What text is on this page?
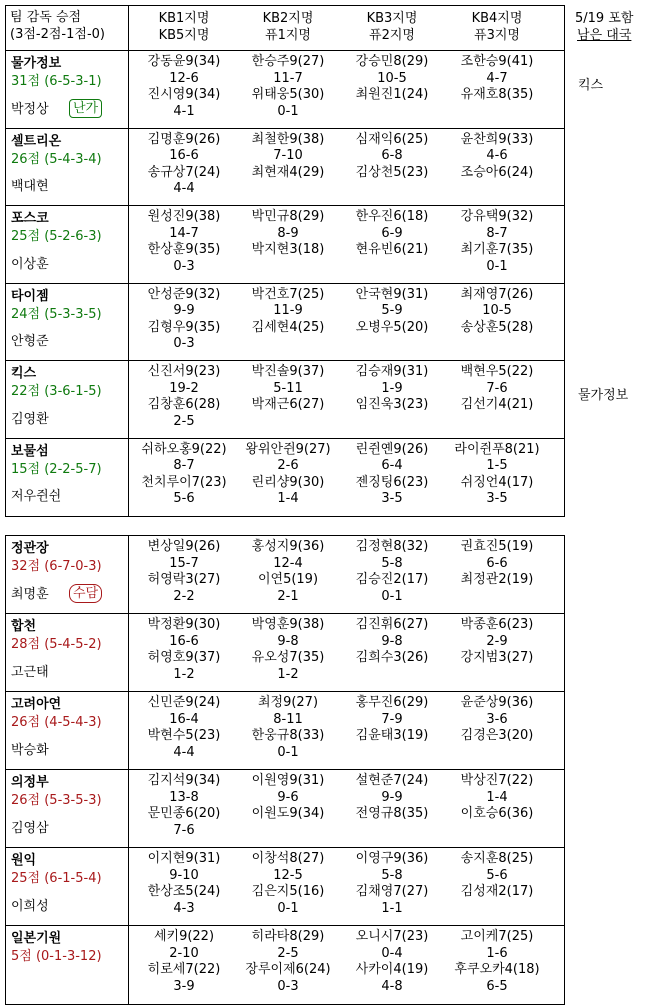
팀 감독 승점
(3점-2점-1점-0)
KB1지명
KB5지명
KB2지명
퓨1지명
KB3지명
퓨2지명
KB4지명
퓨3지명
물가정보
31점 (6-5-3-1)
박정상	난가
강동윤9(34)
12-6
진시영9(34)
4-1
한승주9(27)
11-7
위태웅5(30)
0-1
강승민8(29)
10-5
최원진1(24)
조한승9(41)
4-7
유재호8(35)
셀트리온
26점 (5-4-3-4)
백대현
김명훈9(26)
16-6
송규상7(24)
4-4
최철한9(38)
7-10
최현재4(29)
심재익6(25)
6-8
김상천5(23)
윤찬희9(33)
4-6
조승아6(24)
포스코
25점 (5-2-6-3)
이상훈
원성진9(38)
14-7
한상훈9(35)
0-3
박민규8(29)
8-9
박지현3(18)
한우진6(18)
6-9
현유빈6(21)
강유택9(32)
8-7
최기훈7(35)
0-1
타이젬
24점 (5-3-3-5)
안형준
안성준9(32)
9-9
김형우9(35)
0-3
박건호7(25)
11-9
김세현4(25)
안국현9(31)
5-9
오병우5(20)
최재영7(26)
10-5
송상훈5(28)
킥스
22점 (3-6-1-5)
김영환
신진서9(23)
19-2
김창훈6(28)
2-5
박진솔9(37)
5-11
박재근6(27)
김승재9(31)
1-9
임진욱3(23)
백현우5(22)
7-6
김선기4(21)
보물섬
15점 (2-2-5-7)
저우쥔쉰
쉬하오홍9(22)
8-7
천치루이7(23)
5-6
왕위안쥔9(27)
2-6
린리샹9(30)
1-4
린쥔옌9(26)
6-4
젠징팅6(23)
3-5
라이쥔푸8(21)
1-5
쉬징언4(17)
3-5
5/19 포함
남은 대국
정관장
32점 (6-7-0-3)
최명훈	수담
변상일9(26)
15-7
허영락3(27)
2-2
홍성지9(36)
12-4
이연5(19)
2-1
김정현8(32)
5-8
김승진2(17)
0-1
권효진5(19)
6-6
최정관2(19)
합천
28점 (5-4-5-2)
고근태
박정환9(30)
16-6
허영호9(37)
1-2
박영훈9(38)
9-8
유오성7(35)
1-2
김진휘6(27)
9-8
김희수3(26)
박종훈6(23)
2-9
강지범3(27)
고려아연
26점 (4-5-4-3)
박승화
신민준9(24)
16-4
박현수5(23)
4-4
최정9(27)
8-11
한웅규8(33)
0-1
홍무진6(29)
7-9
김윤태3(19)
윤준상9(36)
3-6
김경은3(20)
의정부
26점 (5-3-5-3)
김영삼
김지석9(34)
13-8
문민종6(20)
7-6
이원영9(31)
9-6
이원도9(34)
설현준7(24)
9-9
전영규8(35)
박상진7(22)
1-4
이호승6(36)
원익
25점 (6-1-5-4)
이희성
이지현9(31)
9-10
한상조5(24)
4-3
이창석8(27)
12-5
김은지5(16)
0-1
이영구9(36)
5-8
김채영7(27)
1-1
송지훈8(25)
5-6
김성재2(17)
일본기원
5점 (0-1-3-12)
세키9(22)
2-10
히로세7(22)
3-9
히라타8(29)
2-5
장루이제6(24)
0-3
오니시7(23)
0-4
사카이4(19)
4-8
고이케7(25)
1-6
후쿠오카4(18)
6-5
킥스
물가정보
